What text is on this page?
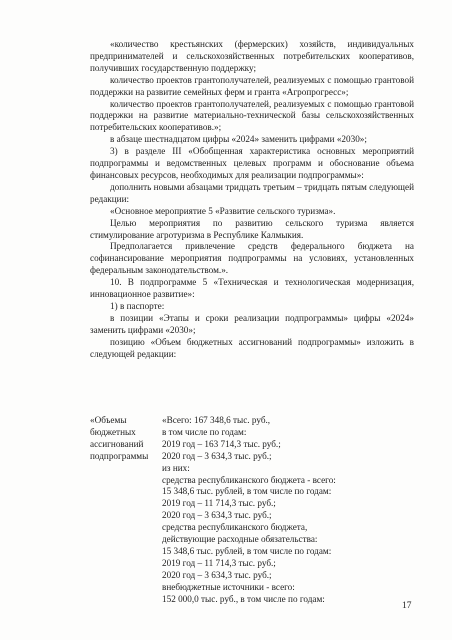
«количество крестьянских (фермерских) хозяйств, индивидуальных предпринимателей и сельскохозяйственных потребительских кооперативов, получивших государственную поддержку;

количество проектов грантополучателей, реализуемых с помощью грантовой поддержки на развитие семейных ферм и гранта «Агропрогресс»;

количество проектов грантополучателей, реализуемых с помощью грантовой поддержки на развитие материально-технической базы сельскохозяйственных потребительских кооперативов.»;

в абзаце шестнадцатом цифры «2024» заменить цифрами «2030»;

3) в разделе III «Обобщенная характеристика основных мероприятий подпрограммы и ведомственных целевых программ и обоснование объема финансовых ресурсов, необходимых для реализации подпрограммы»:

дополнить новыми абзацами тридцать третьим – тридцать пятым следующей редакции:

«Основное мероприятие 5 «Развитие сельского туризма».

Целью мероприятия по развитию сельского туризма является стимулирование агротуризма в Республике Калмыкия.

Предполагается привлечение средств федерального бюджета на софинансирование мероприятия подпрограммы на условиях, установленных федеральным законодательством.».

10. В подпрограмме 5 «Техническая и технологическая модернизация, инновационное развитие»:

1) в паспорте:

в позиции «Этапы и сроки реализации подпрограммы» цифры «2024» заменить цифрами «2030»;

позицию «Объем бюджетных ассигнований подпрограммы» изложить в следующей редакции:

«Объемы
бюджетных
ассигнований
подпрограммы
«Всего: 167 348,6 тыс. руб.,
в том числе по годам:
2019 год – 163 714,3 тыс. руб.;
2020 год – 3 634,3 тыс. руб.;
из них:
средства республиканского бюджета - всего:
15 348,6 тыс. рублей, в том числе по годам:
2019 год – 11 714,3 тыс. руб.;
2020 год – 3 634,3 тыс. руб.;
средства республиканского бюджета,
действующие расходные обязательства:
15 348,6 тыс. рублей, в том числе по годам:
2019 год – 11 714,3 тыс. руб.;
2020 год – 3 634,3 тыс. руб.;
внебюджетные источники - всего:
152 000,0 тыс. руб., в том числе по годам:
17
